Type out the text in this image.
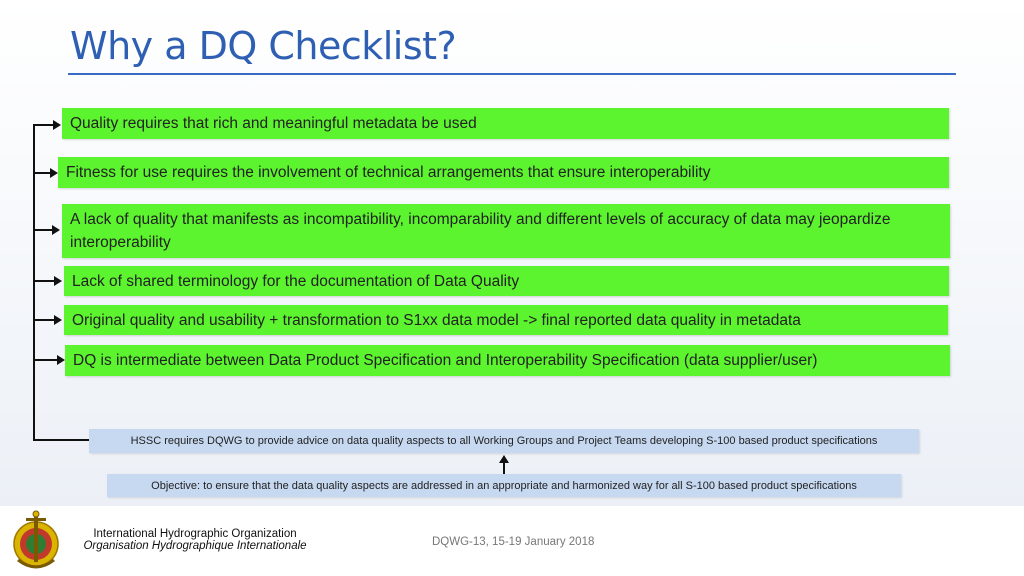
Why a DQ Checklist?
Quality requires that rich and meaningful metadata be used
Fitness for use requires the involvement of technical arrangements that ensure interoperability
A lack of quality that manifests as incompatibility, incomparability and different levels of accuracy of data may jeopardize interoperability
Lack of shared terminology for the documentation of Data Quality
Original quality and usability + transformation to S1xx data model -> final reported data quality in metadata
DQ is intermediate between Data Product Specification and Interoperability Specification (data supplier/user)
HSSC requires DQWG to provide advice on data quality aspects to all Working Groups and Project Teams developing S-100 based product specifications
Objective: to ensure that the data quality aspects are addressed in an appropriate and harmonized way for all S-100 based product specifications
International Hydrographic Organization
Organisation Hydrographique Internationale	DQWG-13, 15-19 January 2018
